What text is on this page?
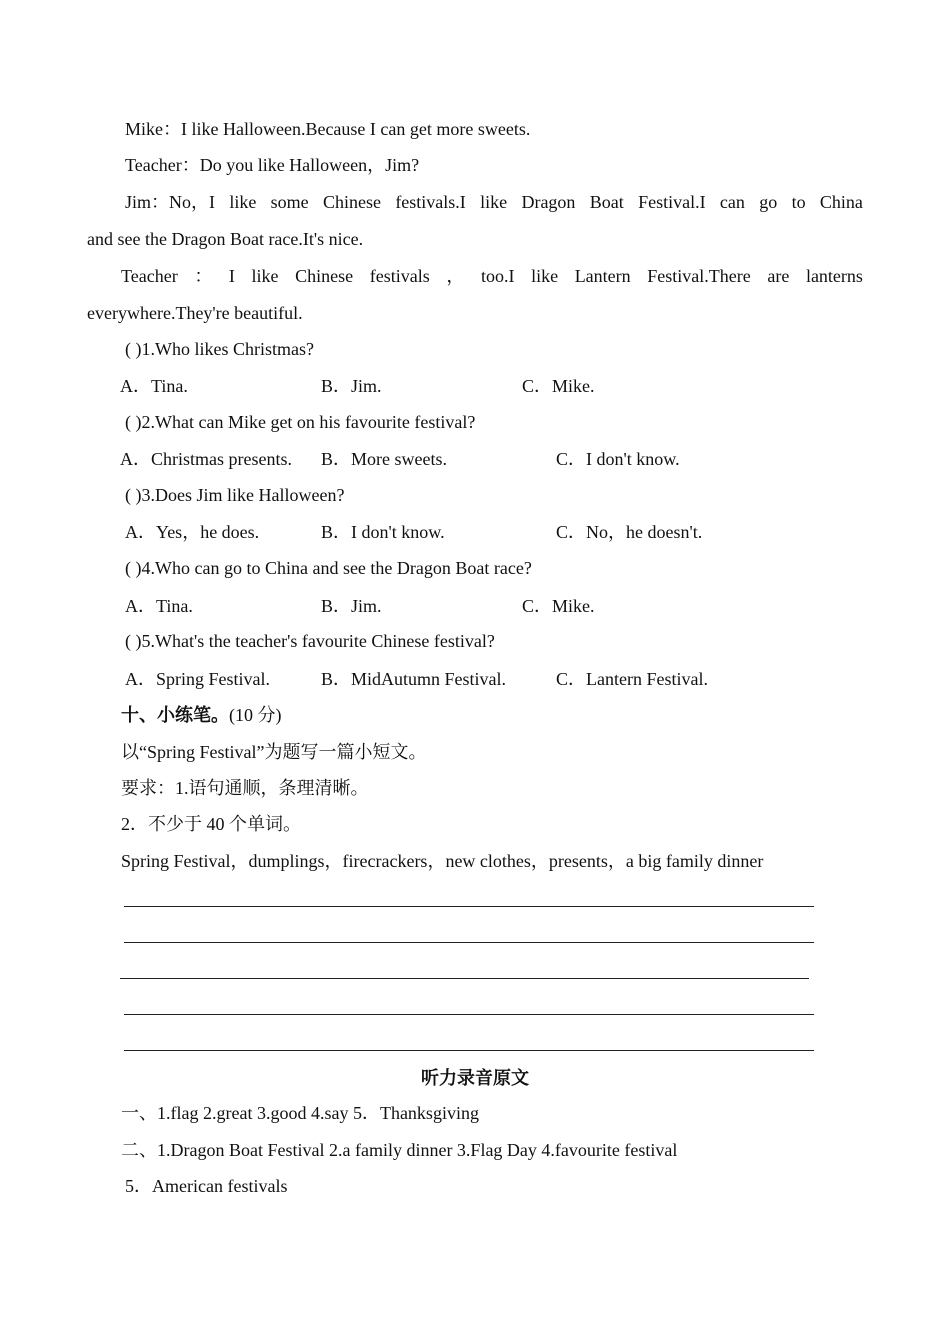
Mike：I like Halloween.Because I can get more sweets.
Teacher：Do you like Halloween，Jim?
Jim：No，I like some Chinese festivals.I like Dragon Boat Festival.I can go to China
and see the Dragon Boat race.It's nice.
Teacher ： I like Chinese festivals ， too.I like Lantern Festival.There are lanterns
everywhere.They're beautiful.
( )1.Who likes Christmas?
A．Tina.	B．Jim.	C．Mike.
( )2.What can Mike get on his favourite festival?
A．Christmas presents. B．More sweets.	C．I don't know.
( )3.Does Jim like Halloween?
A．Yes，he does.	B．I don't know.	C．No，he doesn't.
( )4.Who can go to China and see the Dragon Boat race?
A．Tina.	B．Jim.	C．Mike.
( )5.What's the teacher's favourite Chinese festival?
A．Spring Festival.	B．MidAutumn Festival.	C．Lantern Festival.
十、小练笔。(10 分)
以“Spring Festival”为题写一篇小短文。
要求：1.语句通顺，条理清晰。
2．不少于 40 个单词。
Spring Festival，dumplings，firecrackers，new clothes，presents，a big family dinner
听力录音原文
一、1.flag 2.great 3.good 4.say 5．Thanksgiving
二、1.Dragon Boat Festival 2.a family dinner 3.Flag Day 4.favourite festival
5．American festivals
